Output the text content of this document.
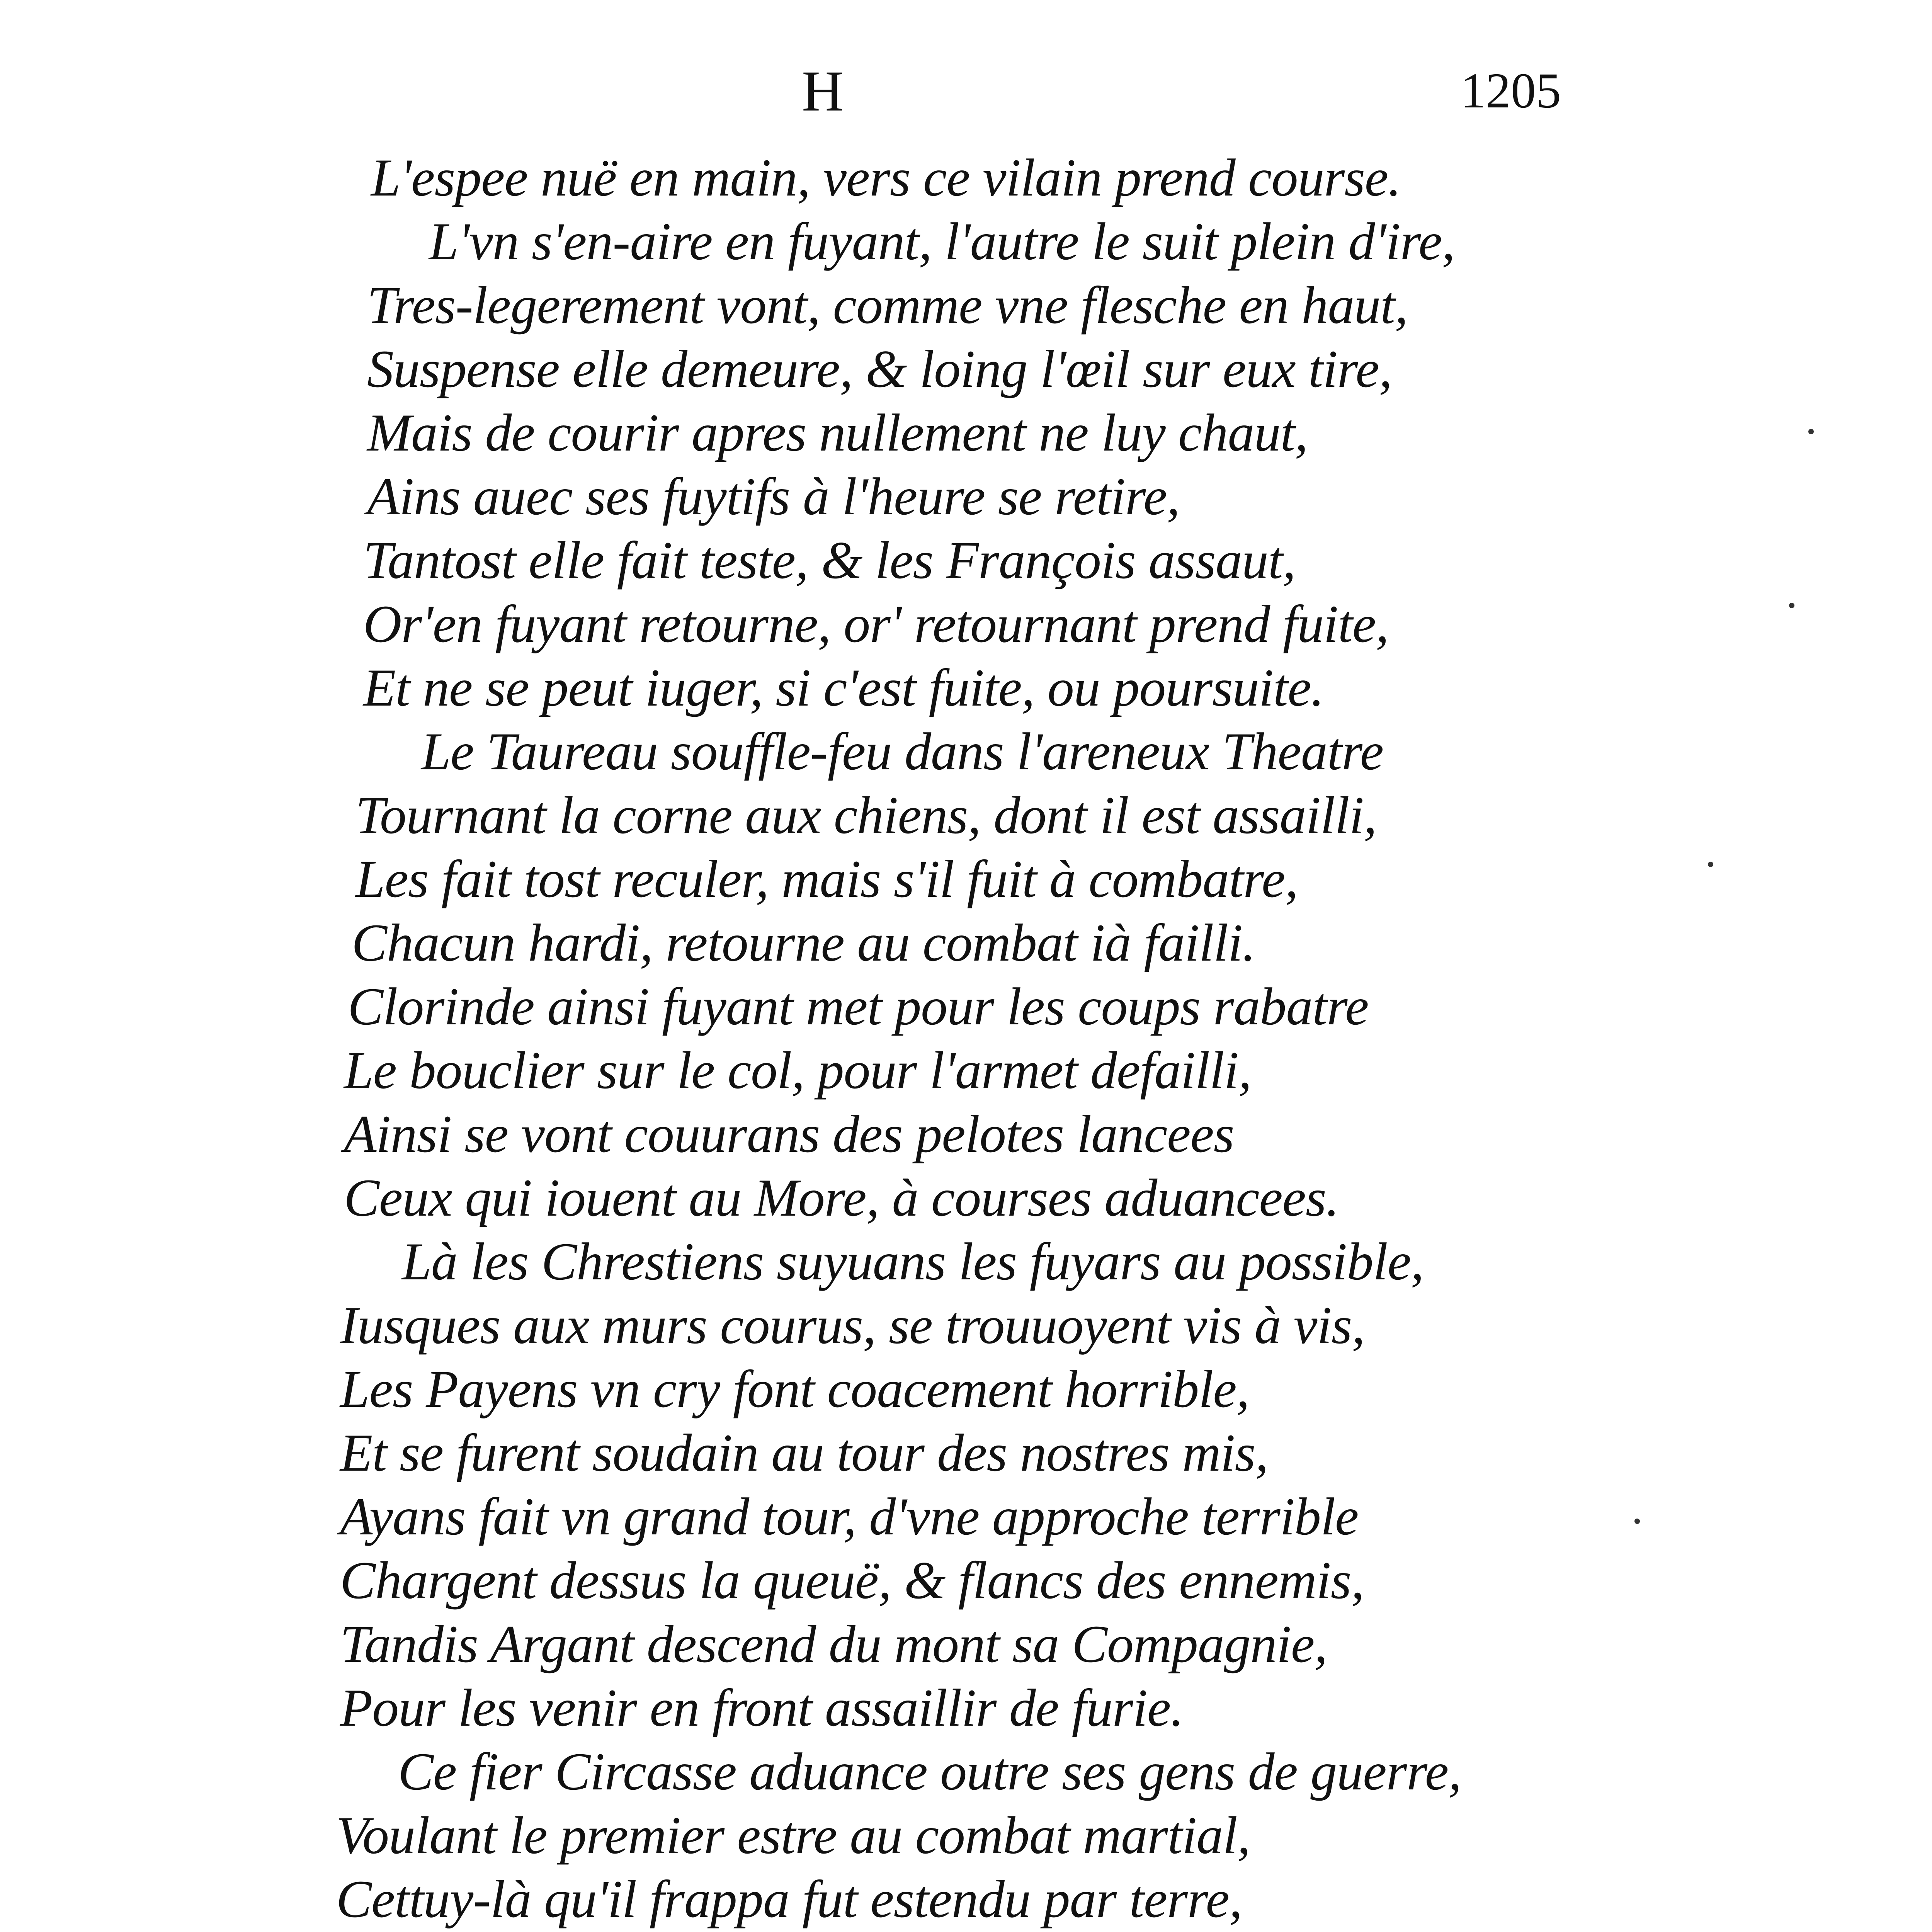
H	1205
L'espee nuë en main, vers ce vilain prend course.
L'vn s'en-aire en fuyant, l'autre le suit plein d'ire,
Tres-legerement vont, comme vne flesche en haut,
Suspense elle demeure, & loing l'œil sur eux tire,
Mais de courir apres nullement ne luy chaut,
Ains auec ses fuytifs à l'heure se retire,
Tantost elle fait teste, & les François assaut,
Or'en fuyant retourne, or' retournant prend fuite,
Et ne se peut iuger, si c'est fuite, ou poursuite.
Le Taureau souffle-feu dans l'areneux Theatre
Tournant la corne aux chiens, dont il est assailli,
Les fait tost reculer, mais s'il fuit à combatre,
Chacun hardi, retourne au combat ià failli.
Clorinde ainsi fuyant met pour les coups rabatre
Le bouclier sur le col, pour l'armet defailli,
Ainsi se vont couurans des pelotes lancees
Ceux qui iouent au More, à courses aduancees.
Là les Chrestiens suyuans les fuyars au possible,
Iusques aux murs courus, se trouuoyent vis à vis,
Les Payens vn cry font coacement horrible,
Et se furent soudain au tour des nostres mis,
Ayans fait vn grand tour, d'vne approche terrible
Chargent dessus la queuë, & flancs des ennemis,
Tandis Argant descend du mont sa Compagnie,
Pour les venir en front assaillir de furie.
Ce fier Circasse aduance outre ses gens de guerre,
Voulant le premier estre au combat martial,
Cettuy-là qu'il frappa fut estendu par terre,
